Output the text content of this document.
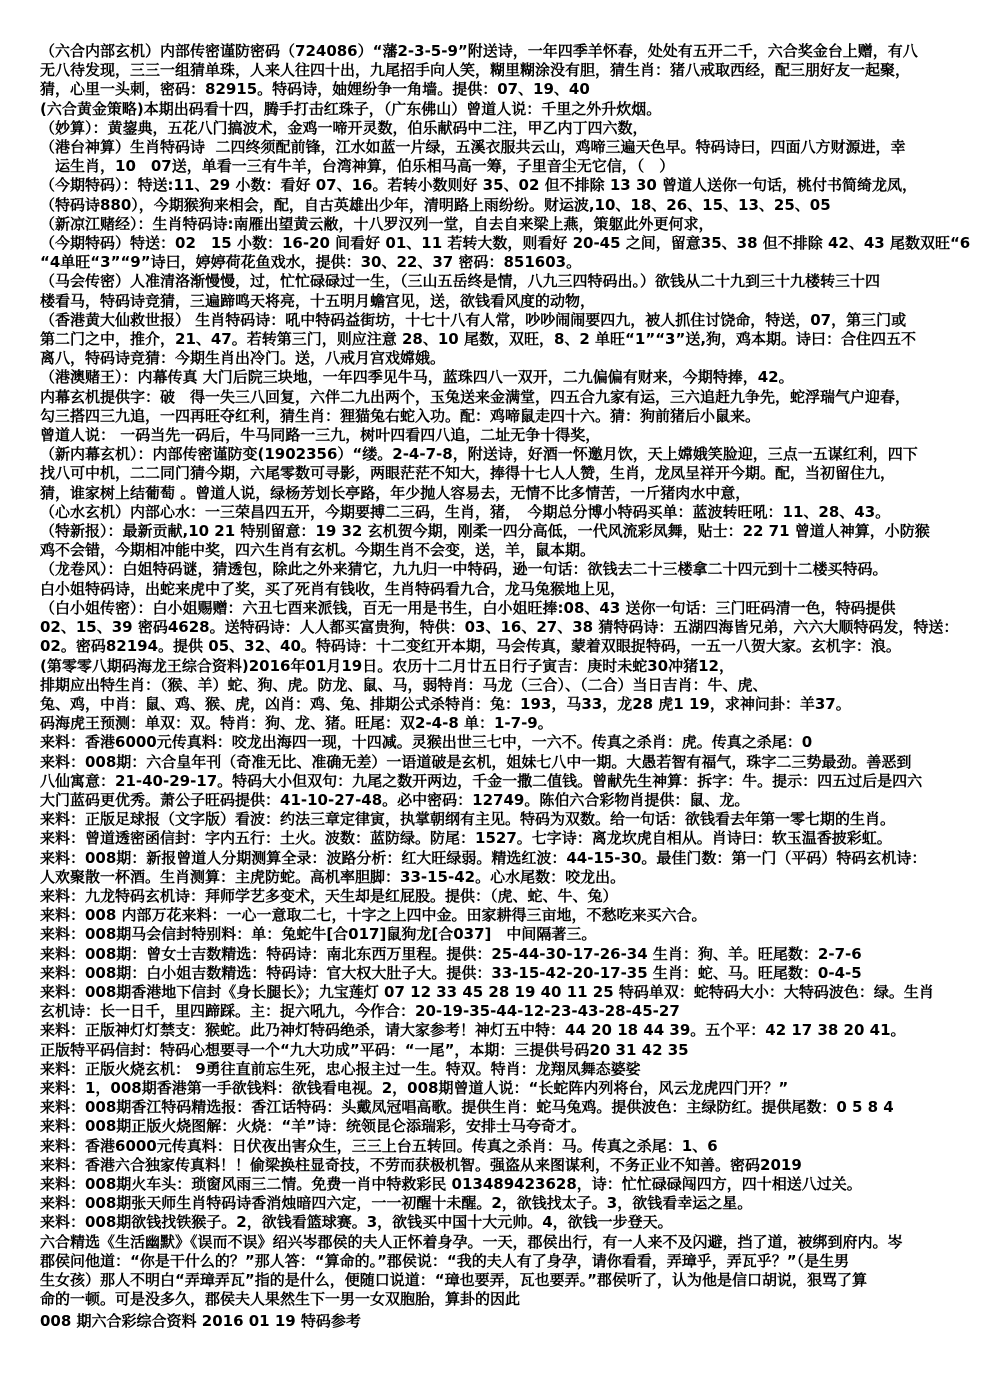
（六合内部玄机）内部传密谨防密码（724086）“藩2-3-5-9”附送诗，一年四季羊怀春，处处有五开二千，六合奖金台上赠，有八
无八待发现，三三一组猜单珠，人来人往四十出，九尾招手向人笑，糊里糊涂没有胆，猜生肖：猪八戒取西经，配三朋好友一起聚，
猜，心里一头刺，密码：82915。特码诗，妯娌纷争一角墙。提供：07、19、40
(六合黄金策略)本期出码看十四，腾手打击红珠子，（广东佛山）曾道人说：千里之外升炊烟。
（妙算）：黄鋆典，五花八门搞波术，金鸡一啼开灵数，伯乐献码中二注，甲乙内丁四六数，
（港台神算）生肖特码诗  二四终须配前锋，江水如蓝一片绿，五溪衣服共云山，鸡啼三遍天色早。特码诗曰，四面八方财源进，幸
　运生肖，10　07送，单看一三有牛羊，台湾神算，伯乐相马高一筹，子里音尘无它信，（　）
（今期特码）：特送:11、29 小数：看好 07、16。若转小数则好 35、02 但不排除 13 30 曾道人送你一句话，桃付书简绮龙凤，
（特码诗880），今期猴狗来相会，配，自古英雄出少年，清明路上雨纷纷。财运波,10、18、26、15、13、25、05
（新凉江赌经）：生肖特码诗:南雁出望黄云敝，十八罗汉列一堂，自去自来梁上燕，策躯此外更何求，
（今期特码）特送：02　15 小数：16-20 间看好 01、11 若转大数，则看好 20-45 之间，留意35、38 但不排除 42、43 尾数双旺“6
“4单旺“3”“9”诗曰，婷婷荷花鱼戏水，提供：30、22、37 密码：851603。
（马会传密）人准清洛渐慢慢，过，忙忙碌碌过一生，（三山五岳终是情，八九三四特码出。）欲钱从二十九到三十九楼转三十四
楼看马，特码诗竞猜，三遍蹄鸣天将亮，十五明月蟾宫见，送，欲钱看风度的动物，
（香港黄大仙救世报） 生肖特码诗：吼中特码益街坊，十七十八有人常，吵吵闹闹要四九，被人抓住讨饶命，特送，07，第三门或
第二门之中，推介，21、47。若转第三门，则应注意 28、10 尾数，双旺，8、2 单旺“1”“3”送,狗，鸡本期。诗曰：合住四五不
离八，特码诗竞猜：今期生肖出冷门。送，八戒月宫戏嫦娥。
（港澳赌王）：内幕传真 大门后院三块地，一年四季见牛马，蓝珠四八一双开，二九偏偏有财来，今期特捧，42。
内幕玄机提供字：破　得一失三八回复，六伴二九出两个，玉兔送来金满堂，四五合九家有运，三六追赶九争先，蛇浮瑞气户迎春，
勾三搭四三九追，一四再旺夺红利，猜生肖：狸猫兔右蛇入功。配：鸡啼鼠走四十六。猜：狗前猪后小鼠来。
曾道人说： 一码当先一码后，牛马同路一三九，树叶四看四八追，二址无争十得奖，
（新内幕玄机）：内部传密谨防变(1902356）“缕。2-4-7-8，附送诗，好酒一怀邀月饮，天上嫦娥笑脸迎，三点一五谋红利，四下
找八可中机，二二同门猜今期，六尾零数可寻影，两眼茫茫不知大，捧得十七人人赞，生肖，龙凤呈祥开今期。配，当初留住九，
猜，谁家树上结葡萄 。曾道人说，绿杨芳划长亭路，年少抛人容易去，无情不比多情苦，一斤猪肉水中意，
（心水玄机）内部心水：一三荣昌四五开，今期要搏二三码，生肖，猪，　今期总分博小特码买单：蓝波转旺吼：11、28、43。
（特新报）：最新贡献,10 21 特别留意：19 32 玄机贺今期，刚柔一四分高低，一代风流彩凤舞，贴士：22 71 曾道人神算，小防猴
鸡不会错，今期相冲能中奖，四六生肖有玄机。今期生肖不会变，送，羊，鼠本期。
（龙卷风）：白姐特码谜，猜透包，除此之外来猜它，九九归一中特码，逊一句话：欲钱去二十三楼拿二十四元到十二楼买特码。
白小姐特码诗，出蛇来虎中了奖，买了死肖有钱收，生肖特码看九合，龙马兔猴地上见，
（白小姐传密）：白小姐赐赠：六丑七酉来派钱，百无一用是书生，白小姐旺捧:08、43 送你一句话：三门旺码清一色，特码提供
02、15、39 密码4628。送特码诗：人人都买富贵狗，特供：03、16、27、38 猜特码诗：五湖四海皆兄弟，六六大顺特码发，特送：
02。密码82194。提供 05、32、40。特码诗：十二变红开本期，马会传真，蒙着双眼捉特码，一五一八贺大家。玄机字：浪。
(第零零八期码海龙王综合资料)2016年01月19日。农历十二月廿五日行子寅吉：庚时未蛇30冲猪12，
排期应出特生肖：（猴、羊）蛇、狗、虎。防龙、鼠、马，弱特肖：马龙（三合）、（二合）当日吉肖：牛、虎、
兔、鸡，中肖：鼠、鸡、猴、虎，凶肖：鸡、兔、排期公式杀特肖：兔：193，马33，龙28 虎1 19，求神问卦：羊37。
码海虎王预测：单双：双。特肖：狗、龙、猪。旺尾：双2-4-8 单：1-7-9。
来料：香港6000元传真料：咬龙出海四一现，十四减。灵猴出世三七中，一六不。传真之杀肖：虎。传真之杀尾：0
来料：008期：六合皇年刊（奇准无比、准确无差）一语道破是玄机，姐妹七八中一期。大愚若智有福气，珠字二三势最劲。善恶到
八仙寓意：21-40-29-17。特码大小但双句：九尾之数开两边，千金一撒二值钱。曾献先生神算：拆字：牛。提示：四五过后是四六
大门蓝码更优秀。萧公子旺码提供：41-10-27-48。必中密码：12749。陈伯六合彩物肖提供：鼠、龙。
来料：正版足球报（文字版）看波：约法三章定律寅，执掌朝纲有主见。特码为双数。给一句话：欲钱看去年第一零七期的生肖。
来料：曾道透密函信封：字内五行：土火。波数：蓝防绿。防尾：1527。七字诗：离龙坎虎自相从。肖诗曰：软玉温香披彩虹。
来料：008期：新报曾道人分期测算全录：波路分析：红大旺绿弱。精选红波：44-15-30。最佳门数：第一门（平码）特码玄机诗：
人欢聚散一杯酒。生肖测算：主虎防蛇。高机率胆脚：33-15-42。心水尾数：咬龙出。
来料：九龙特码玄机诗：拜师学艺多变术，天生却是红屁股。提供：（虎、蛇、牛、兔）
来料：008 内部万花来料：一心一意取二七，十字之上四中金。田家耕得三亩地，不愁吃来买六合。
来料：008期马会信封特别料：单：兔蛇牛[合017]鼠狗龙[合037]　中间隔著三。
来料：008期：曾女士吉数精选：特码诗：南北东西万里程。提供：25-44-30-17-26-34 生肖：狗、羊。旺尾数：2-7-6
来料：008期：白小姐吉数精选：特码诗：官大权大肚子大。提供：33-15-42-20-17-35 生肖：蛇、马。旺尾数：0-4-5
来料：008期香港地下信封《身长腿长》；九宝莲灯 07 12 33 45 28 19 40 11 25 特码单双：蛇特码大小：大特码波色：绿。生肖
玄机诗：长一日千，里四蹄踩。主：捉六吼九，今作合：20-19-35-44-12-23-43-28-45-27
来料：正版神灯灯禁支：猴蛇。此乃神灯特码绝杀，请大家参考！神灯五中特：44 20 18 44 39。五个平：42 17 38 20 41。
正版特平码信封：特码心想要寻一个“九大功成”平码：“一尾”，本期：三提供号码20 31 42 35
来料：正版火烧玄机： 9勇往直前忘生死，忠心报主过一生。特双。特肖：龙翔凤舞态婆娑
来料：1，008期香港第一手欲钱料：欲钱看电视。2，008期曾道人说：“长蛇阵内列将台，风云龙虎四门开？”
来料：008期香江特码精选报：香江话特码：头戴凤冠唱高歌。提供生肖：蛇马兔鸡。提供波色：主绿防红。提供尾数：0 5 8 4
来料：008期正版火烧图解：火烧：“羊”诗：统领昆仑添瑞彩，安排士马夸奇才。
来料：香港6000元传真料：日伏夜出害众生，三三上台五转回。传真之杀肖：马。传真之杀尾：1、6
来料：香港六合独家传真料！！偷梁换柱显奇技，不劳而获极机智。强盗从来图谋利，不务正业不知善。密码2019
来料：008期火车头：琐窗风雨三二情。免费一肖中特救彩民 013489423628，诗：忙忙碌碌闯四方，四十相送八过关。
来料：008期张天师生肖特码诗香消烛暗四六定，一一初醒十未醒。2，欲钱找太子。3，欲钱看幸运之星。
来料：008期欲钱找铁猴子。2，欲钱看篮球赛。3，欲钱买中国十大元帅。4，欲钱一步登天。
六合精选《生活幽默》《误而不误》绍兴岑郡侯的夫人正怀着身孕。一天，郡侯出行，有一人来不及闪避，挡了道，被绑到府内。岑
郡侯问他道：“你是干什么的？”那人答：“算命的。”郡侯说：“我的夫人有了身孕，请你看看，弄璋乎，弄瓦乎？”（是生男
生女孩）那人不明白“弄璋弄瓦”指的是什么，便随口说道：“璋也要弄，瓦也要弄。”郡侯听了，认为他是信口胡说，狠骂了算
命的一顿。可是没多久，郡侯夫人果然生下一男一女双胞胎，算卦的因此
008 期六合彩综合资料 2016 01 19 特码参考
